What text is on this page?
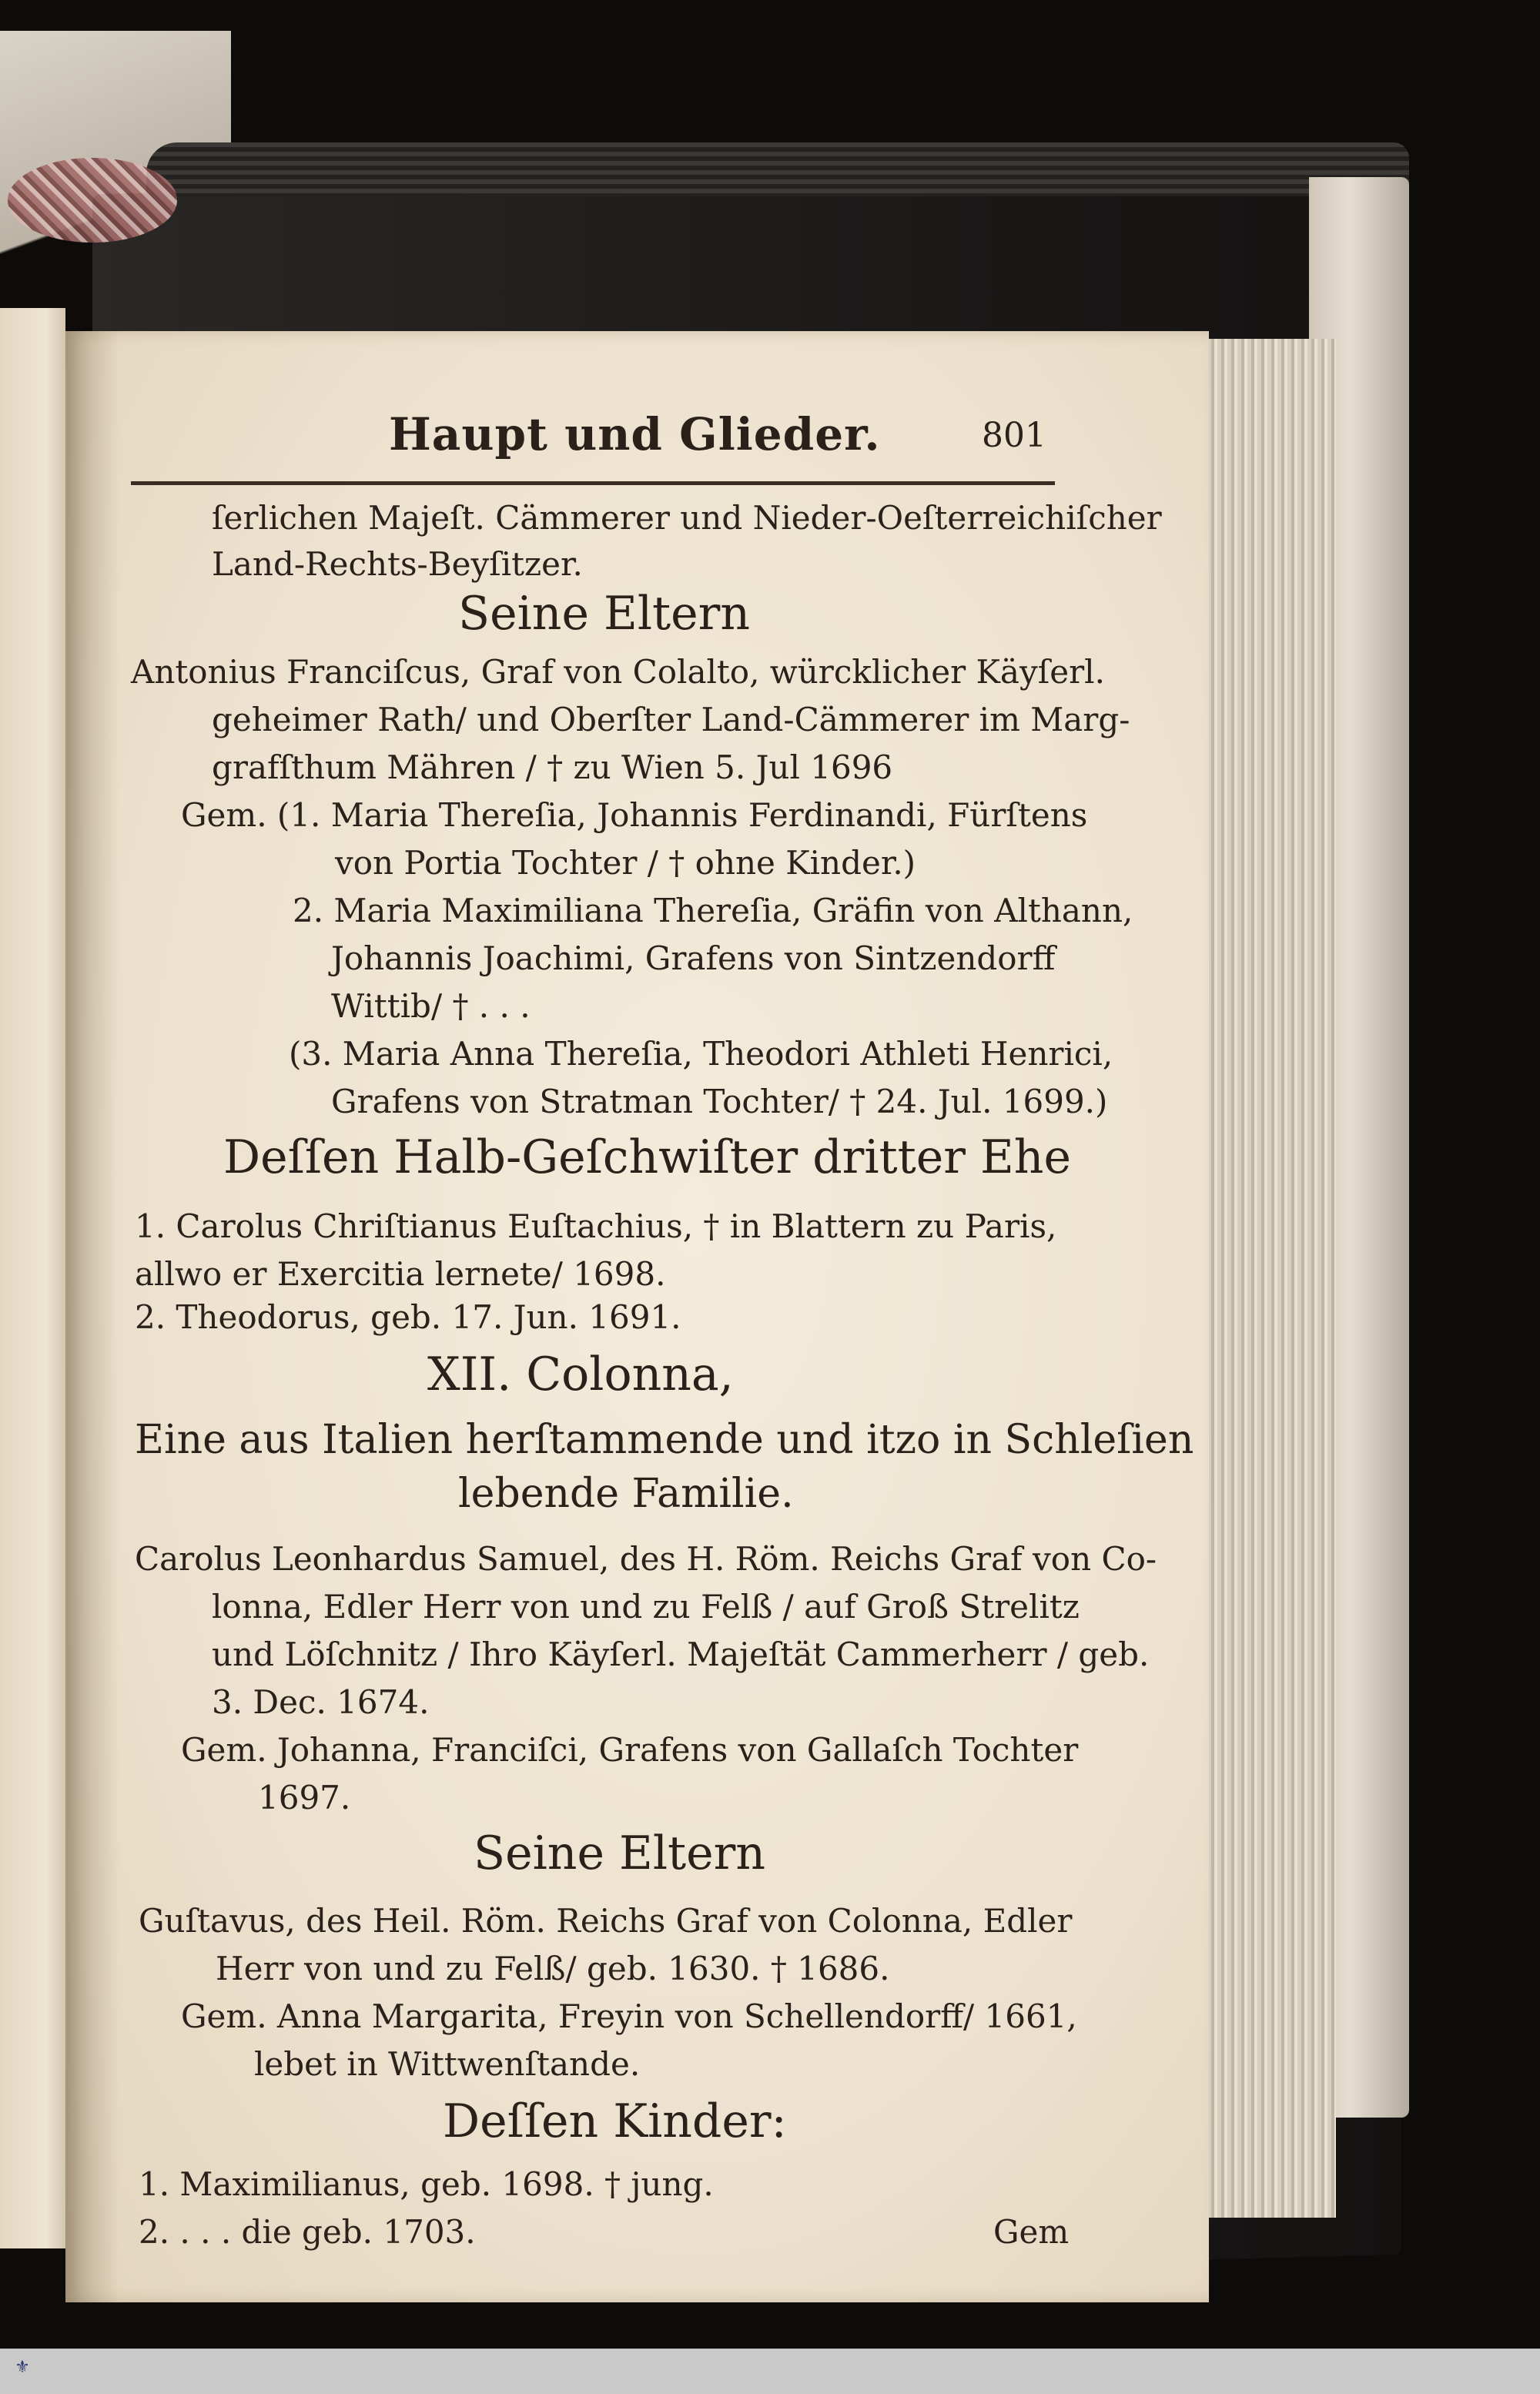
Haupt und Glieder.	801
ſerlichen Majeſt. Cämmerer und Nieder-Oeſterreichiſcher
Land-Rechts-Beyſitzer.
Seine Eltern
Antonius Franciſcus, Graf von Colalto, würcklicher Käyſerl.
geheimer Rath/ und Oberſter Land-Cämmerer im Marg-
grafſthum Mähren / † zu Wien 5. Jul 1696
Gem. (1. Maria Thereſia, Johannis Ferdinandi, Fürſtens
von Portia Tochter / † ohne Kinder.)
2. Maria Maximiliana Thereſia, Gräfin von Althann,
Johannis Joachimi, Grafens von Sintzendorff
Wittib/ † . . .
(3. Maria Anna Thereſia, Theodori Athleti Henrici,
Grafens von Stratman Tochter/ † 24. Jul. 1699.)
Deſſen Halb-Geſchwiſter dritter Ehe
1. Carolus Chriſtianus Euſtachius, † in Blattern zu Paris, allwo er Exercitia lernete/ 1698.
2. Theodorus, geb. 17. Jun. 1691.
XII. Colonna,
Eine aus Italien herſtammende und itzo in Schleſien
lebende Familie.
Carolus Leonhardus Samuel, des H. Röm. Reichs Graf von Co-
lonna, Edler Herr von und zu Felß / auf Groß Strelitz
und Löſchnitz / Ihro Käyſerl. Majeſtät Cammerherr / geb.
3. Dec. 1674.
Gem. Johanna, Franciſci, Grafens von Gallaſch Tochter
1697.
Seine Eltern
Guſtavus, des Heil. Röm. Reichs Graf von Colonna, Edler
Herr von und zu Felß/ geb. 1630. † 1686.
Gem. Anna Margarita, Freyin von Schellendorff/ 1661,
lebet in Wittwenſtande.
Deſſen Kinder:
1. Maximilianus, geb. 1698. † jung.
2. . . . die geb. 1703.	Gem
⚜
